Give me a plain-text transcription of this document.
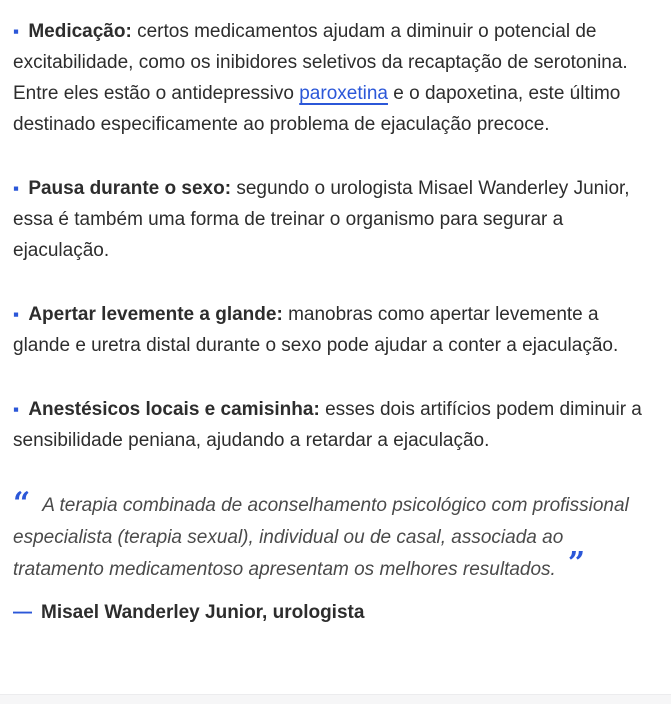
▪ Medicação: certos medicamentos ajudam a diminuir o potencial de excitabilidade, como os inibidores seletivos da recaptação de serotonina. Entre eles estão o antidepressivo paroxetina e o dapoxetina, este último destinado especificamente ao problema de ejaculação precoce.

▪ Pausa durante o sexo: segundo o urologista Misael Wanderley Junior, essa é também uma forma de treinar o organismo para segurar a ejaculação.

▪ Apertar levemente a glande: manobras como apertar levemente a glande e uretra distal durante o sexo pode ajudar a conter a ejaculação.

▪ Anestésicos locais e camisinha: esses dois artifícios podem diminuir a sensibilidade peniana, ajudando a retardar a ejaculação.

“ A terapia combinada de aconselhamento psicológico com profissional especialista (terapia sexual), individual ou de casal, associada ao tratamento medicamentoso apresentam os melhores resultados. ”
— Misael Wanderley Junior, urologista
